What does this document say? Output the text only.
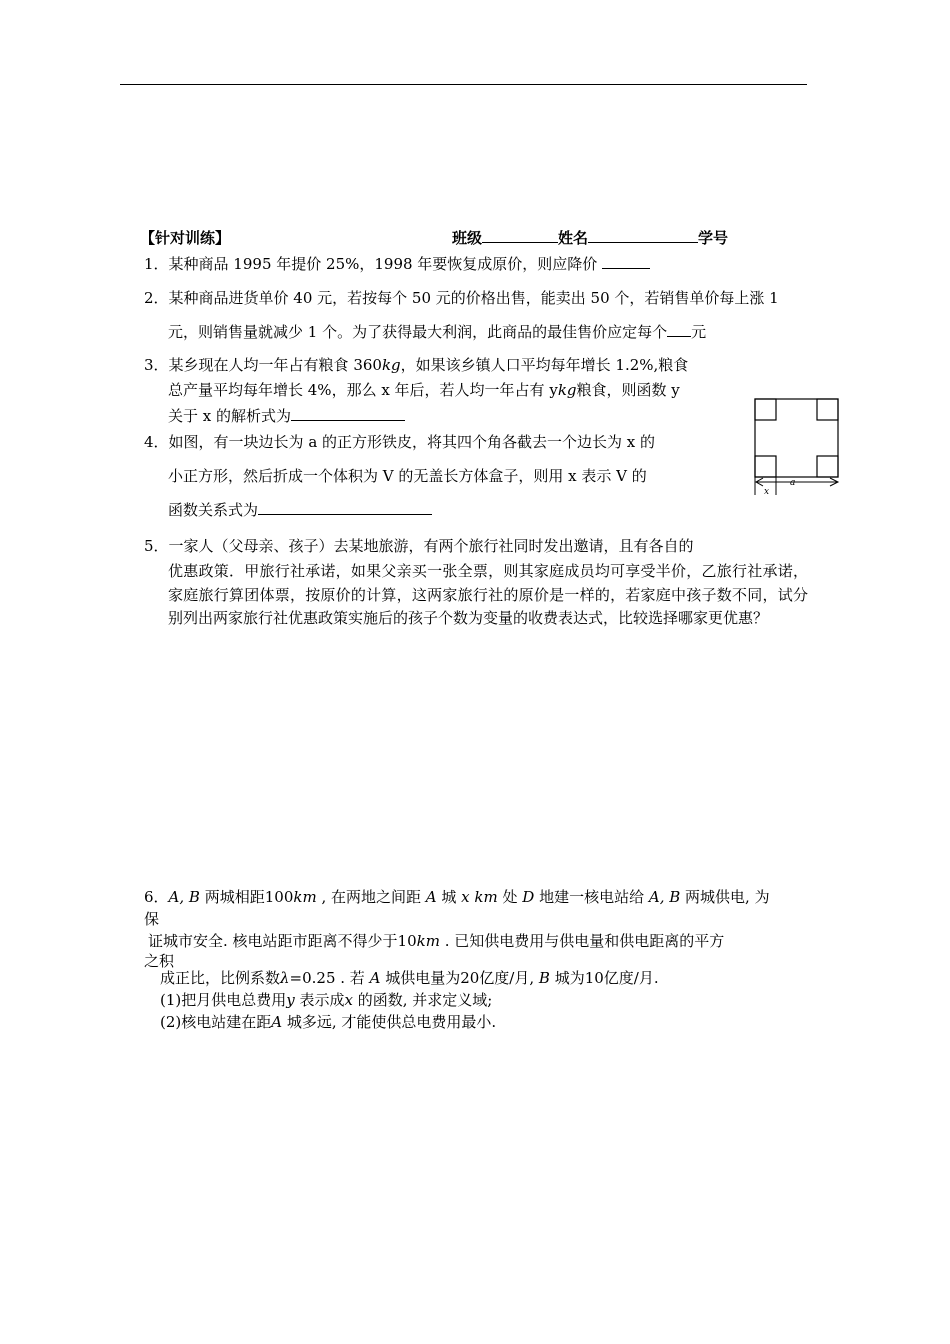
【针对训练】	班级	姓名	学号
1．某种商品 1995 年提价 25%，1998 年要恢复成原价，则应降价
2．某种商品进货单价 40 元，若按每个 50 元的价格出售，能卖出 50 个，若销售单价每上涨 1
元，则销售量就减少 1 个。为了获得最大利润，此商品的最佳售价应定每个 元
3．某乡现在人均一年占有粮食 360kg，如果该乡镇人口平均每年增长 1.2%,粮食
总产量平均每年增长 4%，那么 x 年后，若人均一年占有 ykg粮食，则函数 y
关于 x 的解析式为
4．如图，有一块边长为 a 的正方形铁皮，将其四个角各截去一个边长为 x 的
小正方形，然后折成一个体积为 V 的无盖长方体盒子，则用 x 表示 V 的
函数关系式为
a
x
5．一家人（父母亲、孩子）去某地旅游，有两个旅行社同时发出邀请，且有各自的
优惠政策．甲旅行社承诺，如果父亲买一张全票，则其家庭成员均可享受半价，乙旅行社承诺，家庭旅行算团体票，按原价的计算，这两家旅行社的原价是一样的，若家庭中孩子数不同，试分别列出两家旅行社优惠政策实施后的孩子个数为变量的收费表达式，比较选择哪家更优惠？
6．A, B 两城相距100km , 在两地之间距 A 城 x km 处 D 地建一核电站给 A, B 两城供电, 为
保
证城市安全. 核电站距市距离不得少于10km . 已知供电费用与供电量和供电距离的平方
之积
成正比，比例系数λ=0.25 . 若 A 城供电量为20亿度/月, B 城为10亿度/月.
(1)把月供电总费用y 表示成x 的函数, 并求定义域;
(2)核电站建在距A 城多远, 才能使供总电费用最小.
